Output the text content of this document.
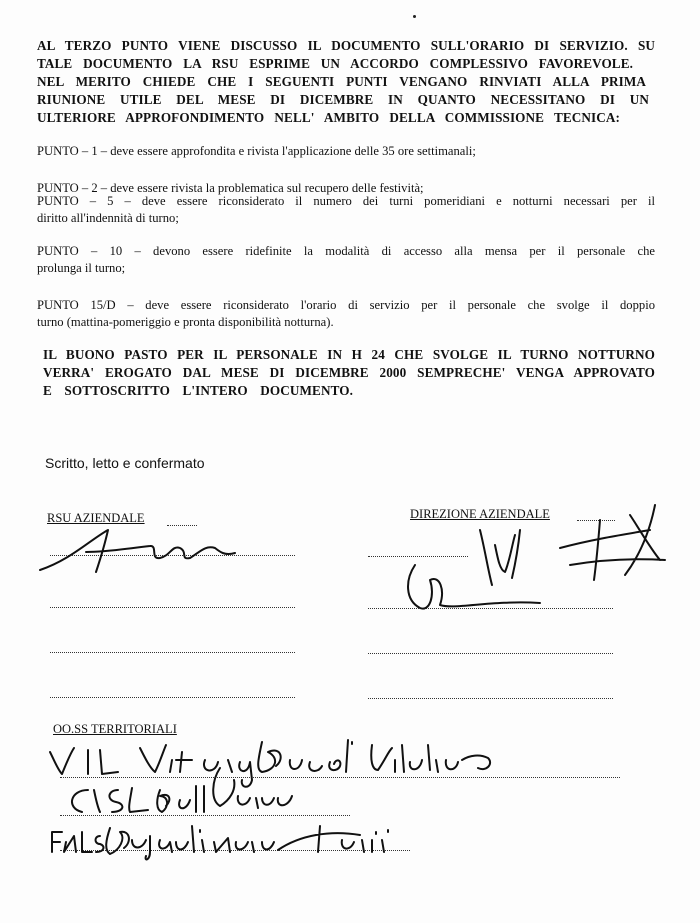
AL TERZO PUNTO VIENE DISCUSSO IL DOCUMENTO SULL'ORARIO DI SERVIZIO. SU
TALE DOCUMENTO LA RSU ESPRIME UN ACCORDO COMPLESSIVO FAVOREVOLE.
NEL MERITO CHIEDE CHE I SEGUENTI PUNTI VENGANO RINVIATI ALLA PRIMA
RIUNIONE UTILE DEL MESE DI DICEMBRE IN QUANTO NECESSITANO DI UN
ULTERIORE APPROFONDIMENTO NELL' AMBITO DELLA COMMISSIONE TECNICA:
PUNTO – 1 – deve essere approfondita e rivista l'applicazione delle 35 ore settimanali;
PUNTO – 2 – deve essere rivista la problematica sul recupero delle festività;
PUNTO – 5 – deve essere riconsiderato il numero dei turni pomeridiani e notturni necessari per il
diritto all'indennità di turno;
PUNTO – 10 – devono essere ridefinite la modalità di accesso alla mensa per il personale che
prolunga il turno;
PUNTO 15/D – deve essere riconsiderato l'orario di servizio per il personale che svolge il doppio
turno (mattina-pomeriggio e pronta disponibilità notturna).
IL BUONO PASTO PER IL PERSONALE IN H 24 CHE SVOLGE IL TURNO NOTTURNO
VERRA' EROGATO DAL MESE DI DICEMBRE 2000 SEMPRECHE' VENGA APPROVATO
E SOTTOSCRITTO L'INTERO DOCUMENTO.
Scritto, letto e confermato
RSU AZIENDALE	DIREZIONE AZIENDALE
OO.SS TERRITORIALI
